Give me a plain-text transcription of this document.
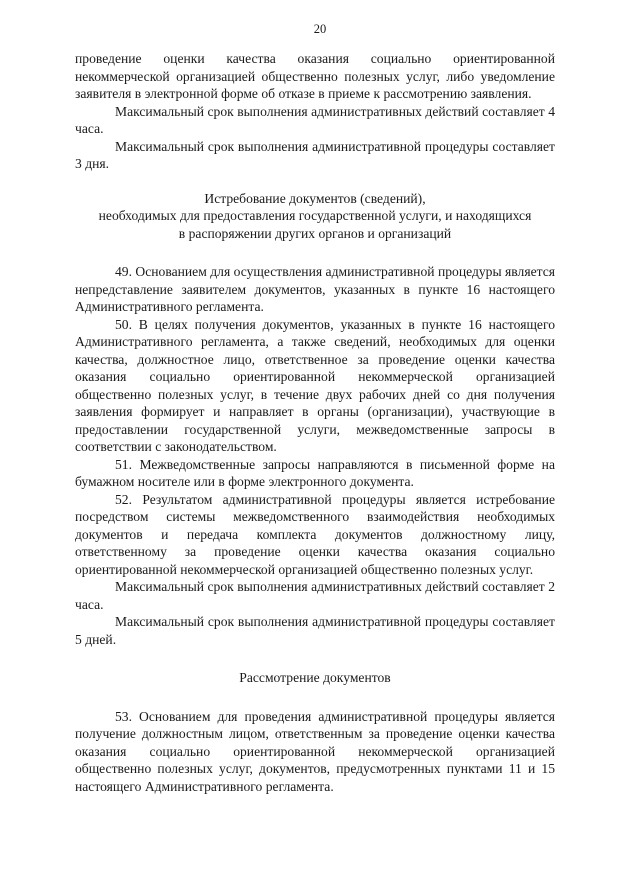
20

проведение оценки качества оказания социально ориентированной некоммерческой организацией общественно полезных услуг, либо уведомление заявителя в электронной форме об отказе в приеме к рассмотрению заявления.

Максимальный срок выполнения административных действий составляет 4 часа.

Максимальный срок выполнения административной процедуры составляет 3 дня.

Истребование документов (сведений),

необходимых для предоставления государственной услуги, и находящихся

в распоряжении других органов и организаций

49. Основанием для осуществления административной процедуры является непредставление заявителем документов, указанных в пункте 16 настоящего Административного регламента.

50. В целях получения документов, указанных в пункте 16 настоящего Административного регламента, а также сведений, необходимых для оценки качества, должностное лицо, ответственное за проведение оценки качества оказания социально ориентированной некоммерческой организацией общественно полезных услуг, в течение двух рабочих дней со дня получения заявления формирует и направляет в органы (организации), участвующие в предоставлении государственной услуги, межведомственные запросы в соответствии с законодательством.

51. Межведомственные запросы направляются в письменной форме на бумажном носителе или в форме электронного документа.

52. Результатом административной процедуры является истребование посредством системы межведомственного взаимодействия необходимых документов и передача комплекта документов должностному лицу, ответственному за проведение оценки качества оказания социально ориентированной некоммерческой организацией общественно полезных услуг.

Максимальный срок выполнения административных действий составляет 2 часа.

Максимальный срок выполнения административной процедуры составляет 5 дней.

Рассмотрение документов

53. Основанием для проведения административной процедуры является получение должностным лицом, ответственным за проведение оценки качества оказания социально ориентированной некоммерческой организацией общественно полезных услуг, документов, предусмотренных пунктами 11 и 15 настоящего Административного регламента.
